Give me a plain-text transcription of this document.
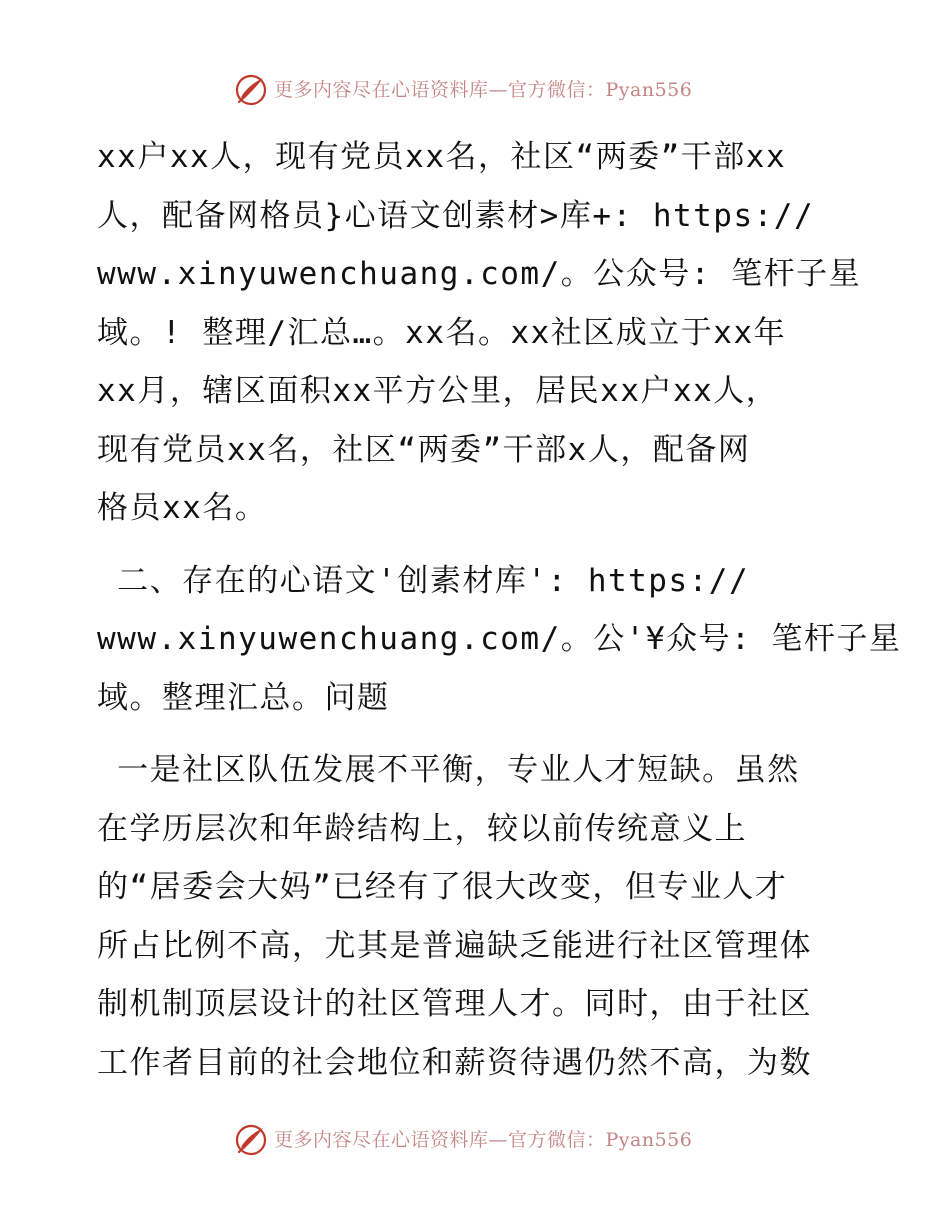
更多内容尽在心语资料库—官方微信：Pyan556

xx户xx人，现有党员xx名，社区“两委”干部xx
人，配备网格员}心语文创素材>库+: https://
www.xinyuwenchuang.com/。公众号: 笔杆子星
域。! 整理/汇总…。xx名。xx社区成立于xx年
xx月，辖区面积xx平方公里，居民xx户xx人，
现有党员xx名，社区“两委”干部x人，配备网
格员xx名。

二、存在的心语文'创素材库': https://
www.xinyuwenchuang.com/。公'¥众号: 笔杆子星
域。整理汇总。问题

一是社区队伍发展不平衡，专业人才短缺。虽然
在学历层次和年龄结构上，较以前传统意义上
的“居委会大妈”已经有了很大改变，但专业人才
所占比例不高，尤其是普遍缺乏能进行社区管理体
制机制顶层设计的社区管理人才。同时，由于社区
工作者目前的社会地位和薪资待遇仍然不高，为数

更多内容尽在心语资料库—官方微信：Pyan556
